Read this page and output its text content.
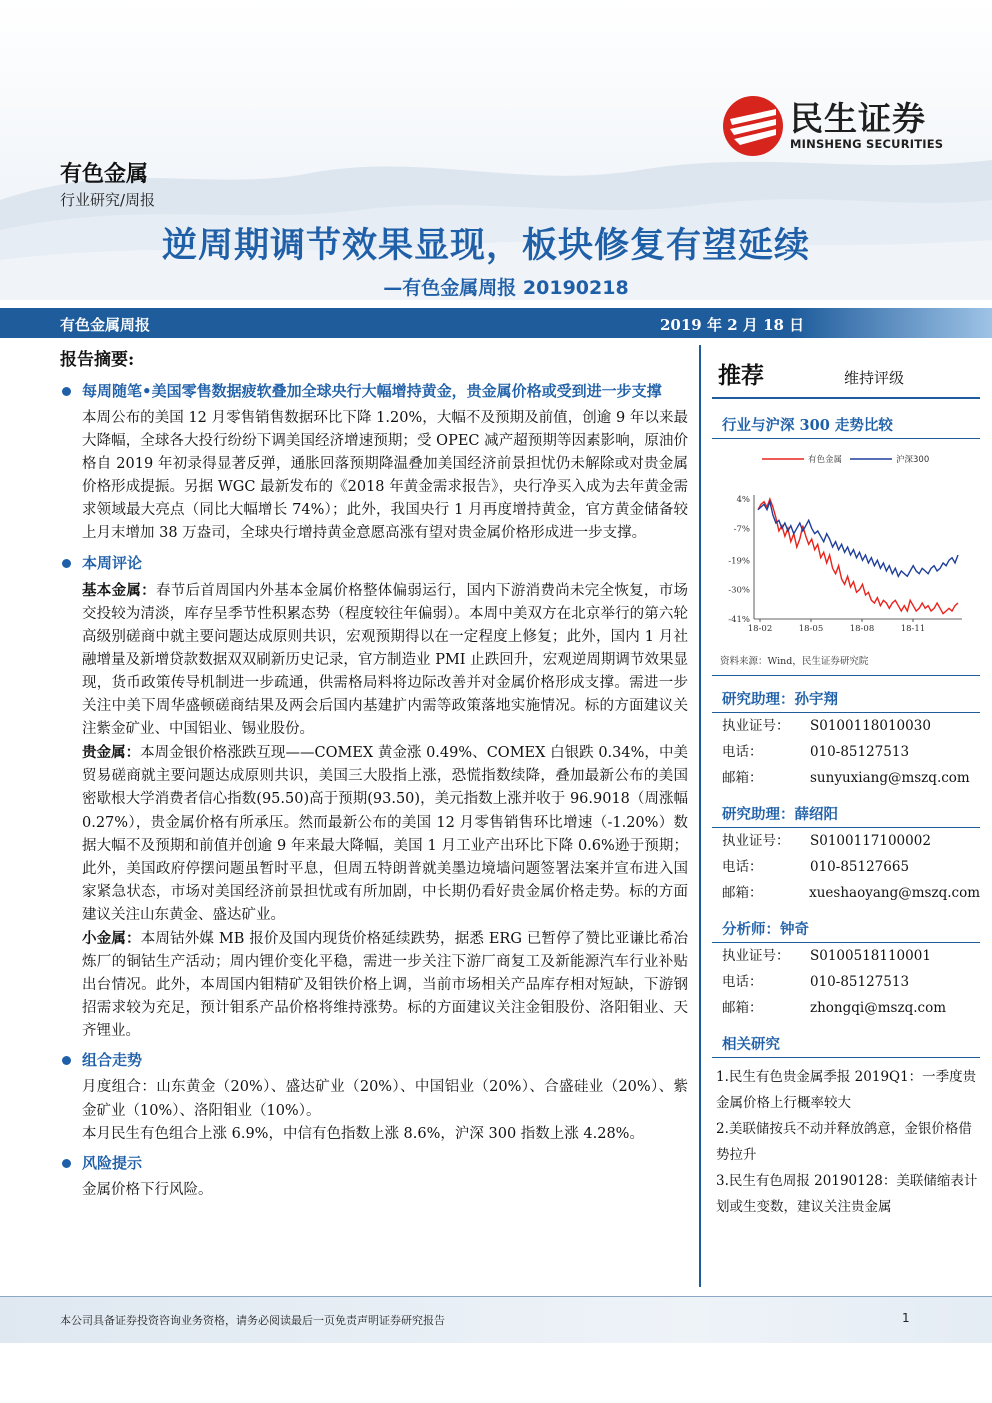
民生证券
MINSHENG SECURITIES
有色金属
行业研究/周报
逆周期调节效果显现，板块修复有望延续
—有色金属周报 20190218
有色金属周报	2019 年 2 月 18 日
报告摘要:
每周随笔•美国零售数据疲软叠加全球央行大幅增持黄金，贵金属价格或受到进一步支撑
本周公布的美国 12 月零售销售数据环比下降 1.20%，大幅不及预期及前值，创逾 9 年以来最大降幅，全球各大投行纷纷下调美国经济增速预期；受 OPEC 减产超预期等因素影响，原油价格自 2019 年初录得显著反弹，通胀回落预期降温叠加美国经济前景担忧仍未解除或对贵金属价格形成提振。另据 WGC 最新发布的《2018 年黄金需求报告》，央行净买入成为去年黄金需求领域最大亮点（同比大幅增长 74%）；此外，我国央行 1 月再度增持黄金，官方黄金储备较上月末增加 38 万盎司，全球央行增持黄金意愿高涨有望对贵金属价格形成进一步支撑。
本周评论
基本金属：春节后首周国内外基本金属价格整体偏弱运行，国内下游消费尚未完全恢复，市场交投较为清淡，库存呈季节性积累态势（程度较往年偏弱）。本周中美双方在北京举行的第六轮高级别磋商中就主要问题达成原则共识，宏观预期得以在一定程度上修复；此外，国内 1 月社融增量及新增贷款数据双双刷新历史记录，官方制造业 PMI 止跌回升，宏观逆周期调节效果显现，货币政策传导机制进一步疏通，供需格局料将边际改善并对金属价格形成支撑。需进一步关注中美下周华盛顿磋商结果及两会后国内基建扩内需等政策落地实施情况。标的方面建议关注紫金矿业、中国铝业、锡业股份。
贵金属：本周金银价格涨跌互现——COMEX 黄金涨 0.49%、COMEX 白银跌 0.34%，中美贸易磋商就主要问题达成原则共识，美国三大股指上涨，恐慌指数续降，叠加最新公布的美国密歇根大学消费者信心指数(95.50)高于预期(93.50)，美元指数上涨并收于 96.9018（周涨幅 0.27%），贵金属价格有所承压。然而最新公布的美国 12 月零售销售环比增速（-1.20%）数据大幅不及预期和前值并创逾 9 年来最大降幅，美国 1 月工业产出环比下降 0.6%逊于预期；此外，美国政府停摆问题虽暂时平息，但周五特朗普就美墨边境墙问题签署法案并宣布进入国家紧急状态，市场对美国经济前景担忧或有所加剧，中长期仍看好贵金属价格走势。标的方面建议关注山东黄金、盛达矿业。
小金属：本周钴外媒 MB 报价及国内现货价格延续跌势，据悉 ERG 已暂停了赞比亚谦比希冶炼厂的铜钴生产活动；周内锂价变化平稳，需进一步关注下游厂商复工及新能源汽车行业补贴出台情况。此外，本周国内钼精矿及钼铁价格上调，当前市场相关产品库存相对短缺，下游钢招需求较为充足，预计钼系产品价格将维持涨势。标的方面建议关注金钼股份、洛阳钼业、天齐锂业。
组合走势
月度组合：山东黄金（20%）、盛达矿业（20%）、中国铝业（20%）、合盛硅业（20%）、紫金矿业（10%）、洛阳钼业（10%）。
本月民生有色组合上涨 6.9%，中信有色指数上涨 8.6%，沪深 300 指数上涨 4.28%。
风险提示
金属价格下行风险。
推荐	维持评级
行业与沪深 300 走势比较
有色金属	沪深300
4%
-7%
-19%
-30%
-41%
18-02	18-05	18-08	18-11
资料来源：Wind，民生证券研究院
研究助理：孙宇翔
执业证号：	S0100118010030
电话：	010-85127513
邮箱：	sunyuxiang@mszq.com
研究助理：薛绍阳
执业证号：	S0100117100002
电话：	010-85127665
邮箱：	xueshaoyang@mszq.com
分析师：钟奇
执业证号：	S0100518110001
电话：	010-85127513
邮箱：	zhongqi@mszq.com
相关研究
1.民生有色贵金属季报 2019Q1：一季度贵金属价格上行概率较大
2.美联储按兵不动并释放鸽意，金银价格借势拉升
3.民生有色周报 20190128：美联储缩表计划或生变数，建议关注贵金属
本公司具备证券投资咨询业务资格，请务必阅读最后一页免责声明证券研究报告	1
